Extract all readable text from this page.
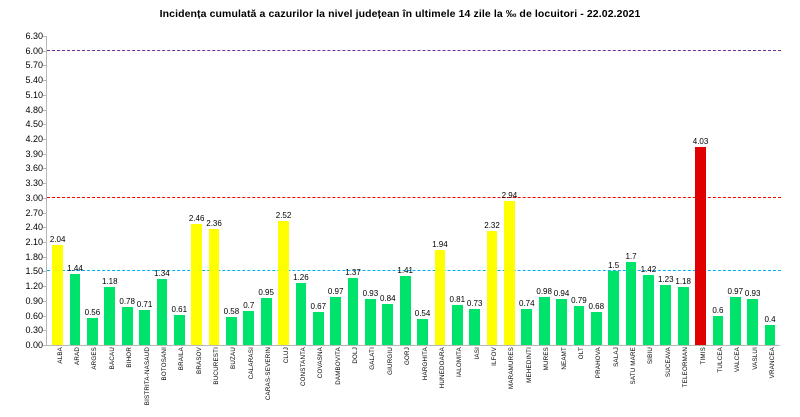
Incidența cumulată a cazurilor la nivel județean în ultimele 14 zile la ‰ de locuitori - 22.02.2021
0.00
0.30
0.60
0.90
1.20
1.50
1.80
2.10
2.40
2.70
3.00
3.30
3.60
3.90
4.20
4.50
4.80
5.10
5.40
5.70
6.00
6.30
2.04
1.44
0.56
1.18
0.78 0.71
1.34
0.61
2.46
2.36
0.58
0.7
0.95
2.52
1.26
0.67
0.97
1.37
0.93 0.84
1.41
0.54
1.94
0.81 0.73
2.32
2.94
0.74
0.98 0.94
0.79
0.68
1.5
1.7
1.42
1.23 1.18
4.03
0.6
0.97 0.93
0.4
ALBA ARAD ARGES BACAU BIHOR BISTRITA-NASAUD BOTOSANI BRAILA BRASOV BUCURESTI BUZAU CALARASI CARAS-SEVERIN CLUJ CONSTANTA COVASNA DAMBOVITA DOLJ GALATI GIURGIU GORJ HARGHITA HUNEDOARA IALOMITA IASI ILFOV MARAMURES MEHEDINTI MURES NEAMT OLT PRAHOVA SALAJ SATU MARE SIBIU SUCEAVA TELEORMAN TIMIS TULCEA VALCEA VASLUI VRANCEA
